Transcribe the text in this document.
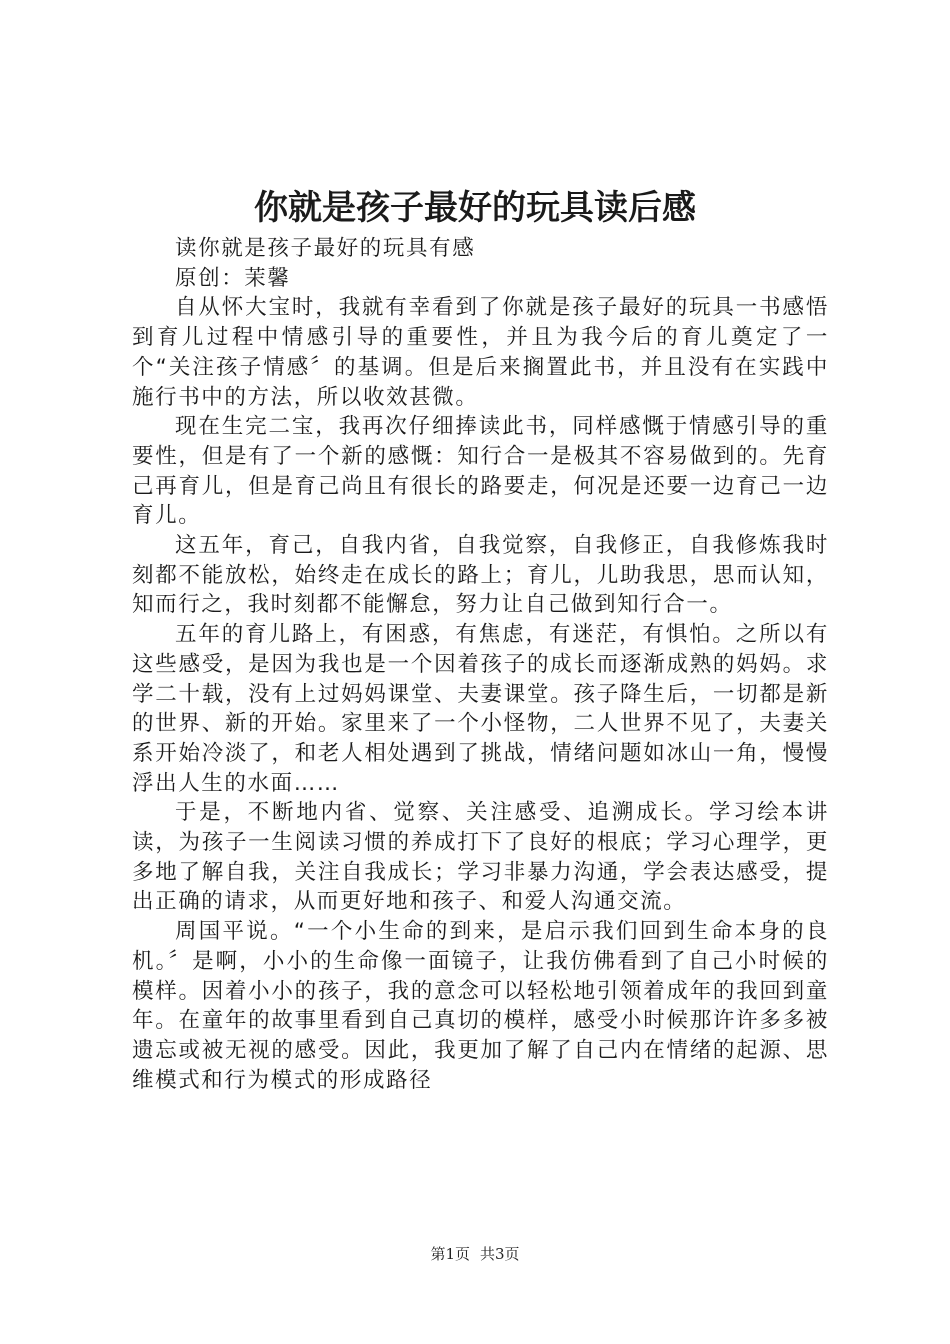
你就是孩子最好的玩具读后感

读你就是孩子最好的玩具有感

原创：茉馨

自从怀大宝时，我就有幸看到了你就是孩子最好的玩具一书感悟到育儿过程中情感引导的重要性，并且为我今后的育儿奠定了一个“关注孩子情感〞的基调。但是后来搁置此书，并且没有在实践中施行书中的方法，所以收效甚微。

现在生完二宝，我再次仔细捧读此书，同样感慨于情感引导的重要性，但是有了一个新的感慨：知行合一是极其不容易做到的。先育己再育儿，但是育己尚且有很长的路要走，何况是还要一边育己一边育儿。

这五年，育己，自我内省，自我觉察，自我修正，自我修炼我时刻都不能放松，始终走在成长的路上；育儿，儿助我思，思而认知，知而行之，我时刻都不能懈怠，努力让自己做到知行合一。

五年的育儿路上，有困惑，有焦虑，有迷茫，有惧怕。之所以有这些感受，是因为我也是一个因着孩子的成长而逐渐成熟的妈妈。求学二十载，没有上过妈妈课堂、夫妻课堂。孩子降生后，一切都是新的世界、新的开始。家里来了一个小怪物，二人世界不见了，夫妻关系开始冷淡了，和老人相处遇到了挑战，情绪问题如冰山一角，慢慢浮出人生的水面……

于是，不断地内省、觉察、关注感受、追溯成长。学习绘本讲读，为孩子一生阅读习惯的养成打下了良好的根底；学习心理学，更多地了解自我，关注自我成长；学习非暴力沟通，学会表达感受，提出正确的请求，从而更好地和孩子、和爱人沟通交流。

周国平说。“一个小生命的到来，是启示我们回到生命本身的良机。〞是啊，小小的生命像一面镜子，让我仿佛看到了自己小时候的模样。因着小小的孩子，我的意念可以轻松地引领着成年的我回到童年。在童年的故事里看到自己真切的模样，感受小时候那许许多多被遗忘或被无视的感受。因此，我更加了解了自己内在情绪的起源、思维模式和行为模式的形成路径

第1页 共3页
